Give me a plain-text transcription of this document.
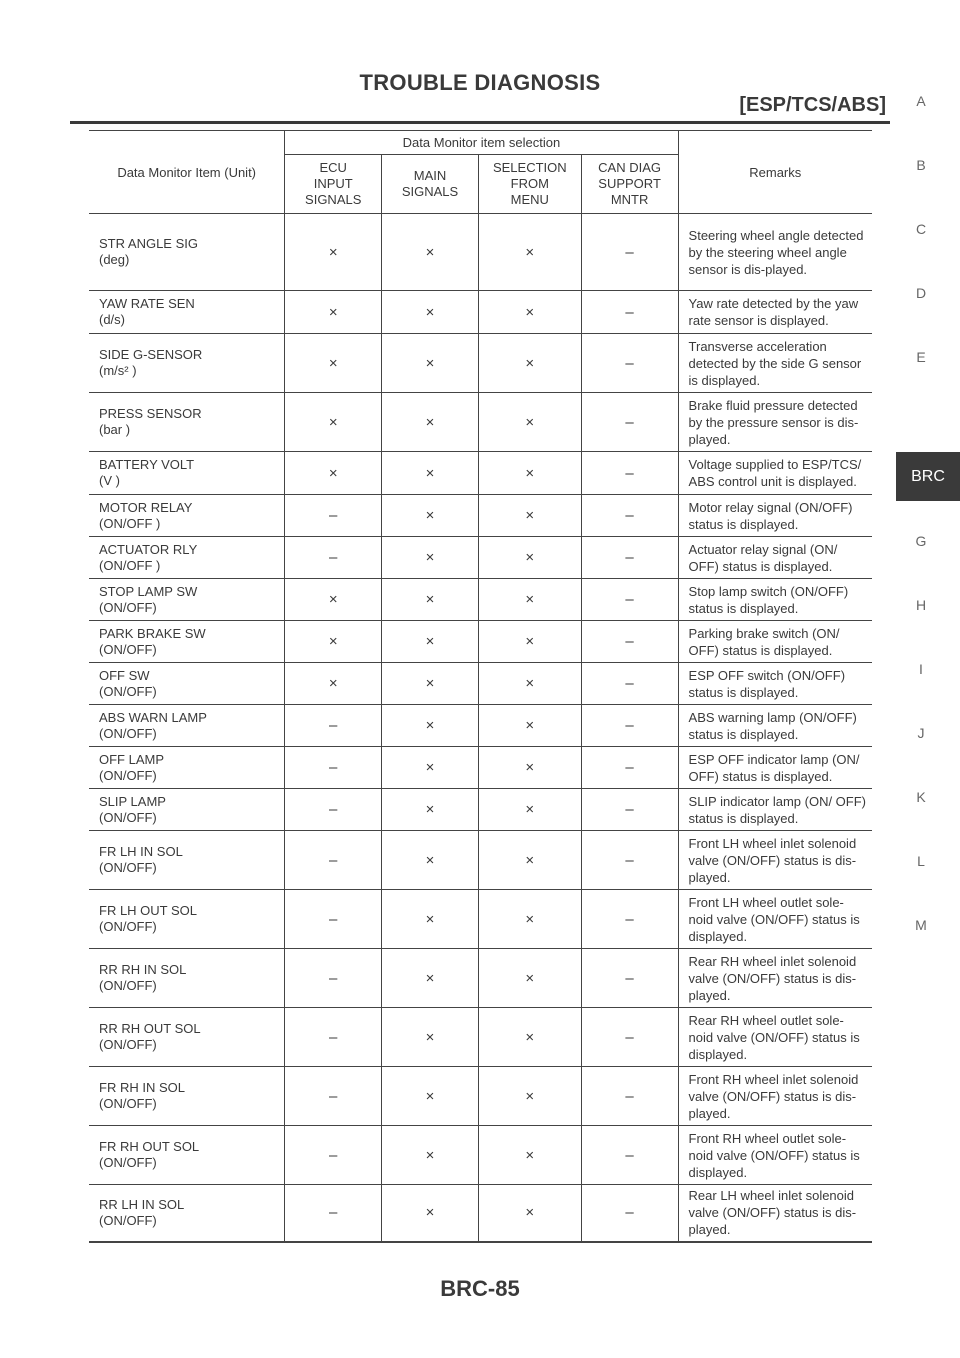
TROUBLE DIAGNOSIS
[ESP/TCS/ABS]	A
B
C
D
E
BRC
G
H
I
J
K
L
M
Data Monitor Item (Unit)	Data Monitor item selection				Remarks
	ECU INPUT SIGNALS	MAIN SIGNALS	SELECTION FROM MENU	CAN DIAG SUPPORT MNTR	

STR ANGLE SIG
(deg)	×	×	×	–	Steering wheel angle detected by the steering wheel angle sensor is dis-played.

YAW RATE SEN
(d/s)	×	×	×	–	Yaw rate detected by the yaw rate sensor is displayed.

SIDE G-SENSOR
(m/s² )	×	×	×	–	Transverse acceleration detected by the side G sensor is displayed.

PRESS SENSOR
(bar )	×	×	×	–	Brake fluid pressure detected by the pressure sensor is dis-played.

BATTERY VOLT
(V )	×	×	×	–	Voltage supplied to ESP/TCS/ ABS control unit is displayed.

MOTOR RELAY
(ON/OFF )	–	×	×	–	Motor relay signal (ON/OFF) status is displayed.

ACTUATOR RLY
(ON/OFF )	–	×	×	–	Actuator relay signal (ON/ OFF) status is displayed.

STOP LAMP SW
(ON/OFF)	×	×	×	–	Stop lamp switch (ON/OFF) status is displayed.

PARK BRAKE SW
(ON/OFF)	×	×	×	–	Parking brake switch (ON/ OFF) status is displayed.

OFF SW
(ON/OFF)	×	×	×	–	ESP OFF switch (ON/OFF) status is displayed.

ABS WARN LAMP
(ON/OFF)	–	×	×	–	ABS warning lamp (ON/OFF) status is displayed.

OFF LAMP
(ON/OFF)	–	×	×	–	ESP OFF indicator lamp (ON/ OFF) status is displayed.

SLIP LAMP
(ON/OFF)	–	×	×	–	SLIP indicator lamp (ON/ OFF) status is displayed.

FR LH IN SOL
(ON/OFF)	–	×	×	–	Front LH wheel inlet solenoid valve (ON/OFF) status is dis-played.

FR LH OUT SOL
(ON/OFF)	–	×	×	–	Front LH wheel outlet sole-noid valve (ON/OFF) status is displayed.

RR RH IN SOL
(ON/OFF)	–	×	×	–	Rear RH wheel inlet solenoid valve (ON/OFF) status is dis-played.

RR RH OUT SOL
(ON/OFF)	–	×	×	–	Rear RH wheel outlet sole-noid valve (ON/OFF) status is displayed.

FR RH IN SOL
(ON/OFF)	–	×	×	–	Front RH wheel inlet solenoid valve (ON/OFF) status is dis-played.

FR RH OUT SOL
(ON/OFF)	–	×	×	–	Front RH wheel outlet sole-noid valve (ON/OFF) status is displayed.

RR LH IN SOL
(ON/OFF)	–	×	×	–	Rear LH wheel inlet solenoid valve (ON/OFF) status is dis-played.
BRC-85
